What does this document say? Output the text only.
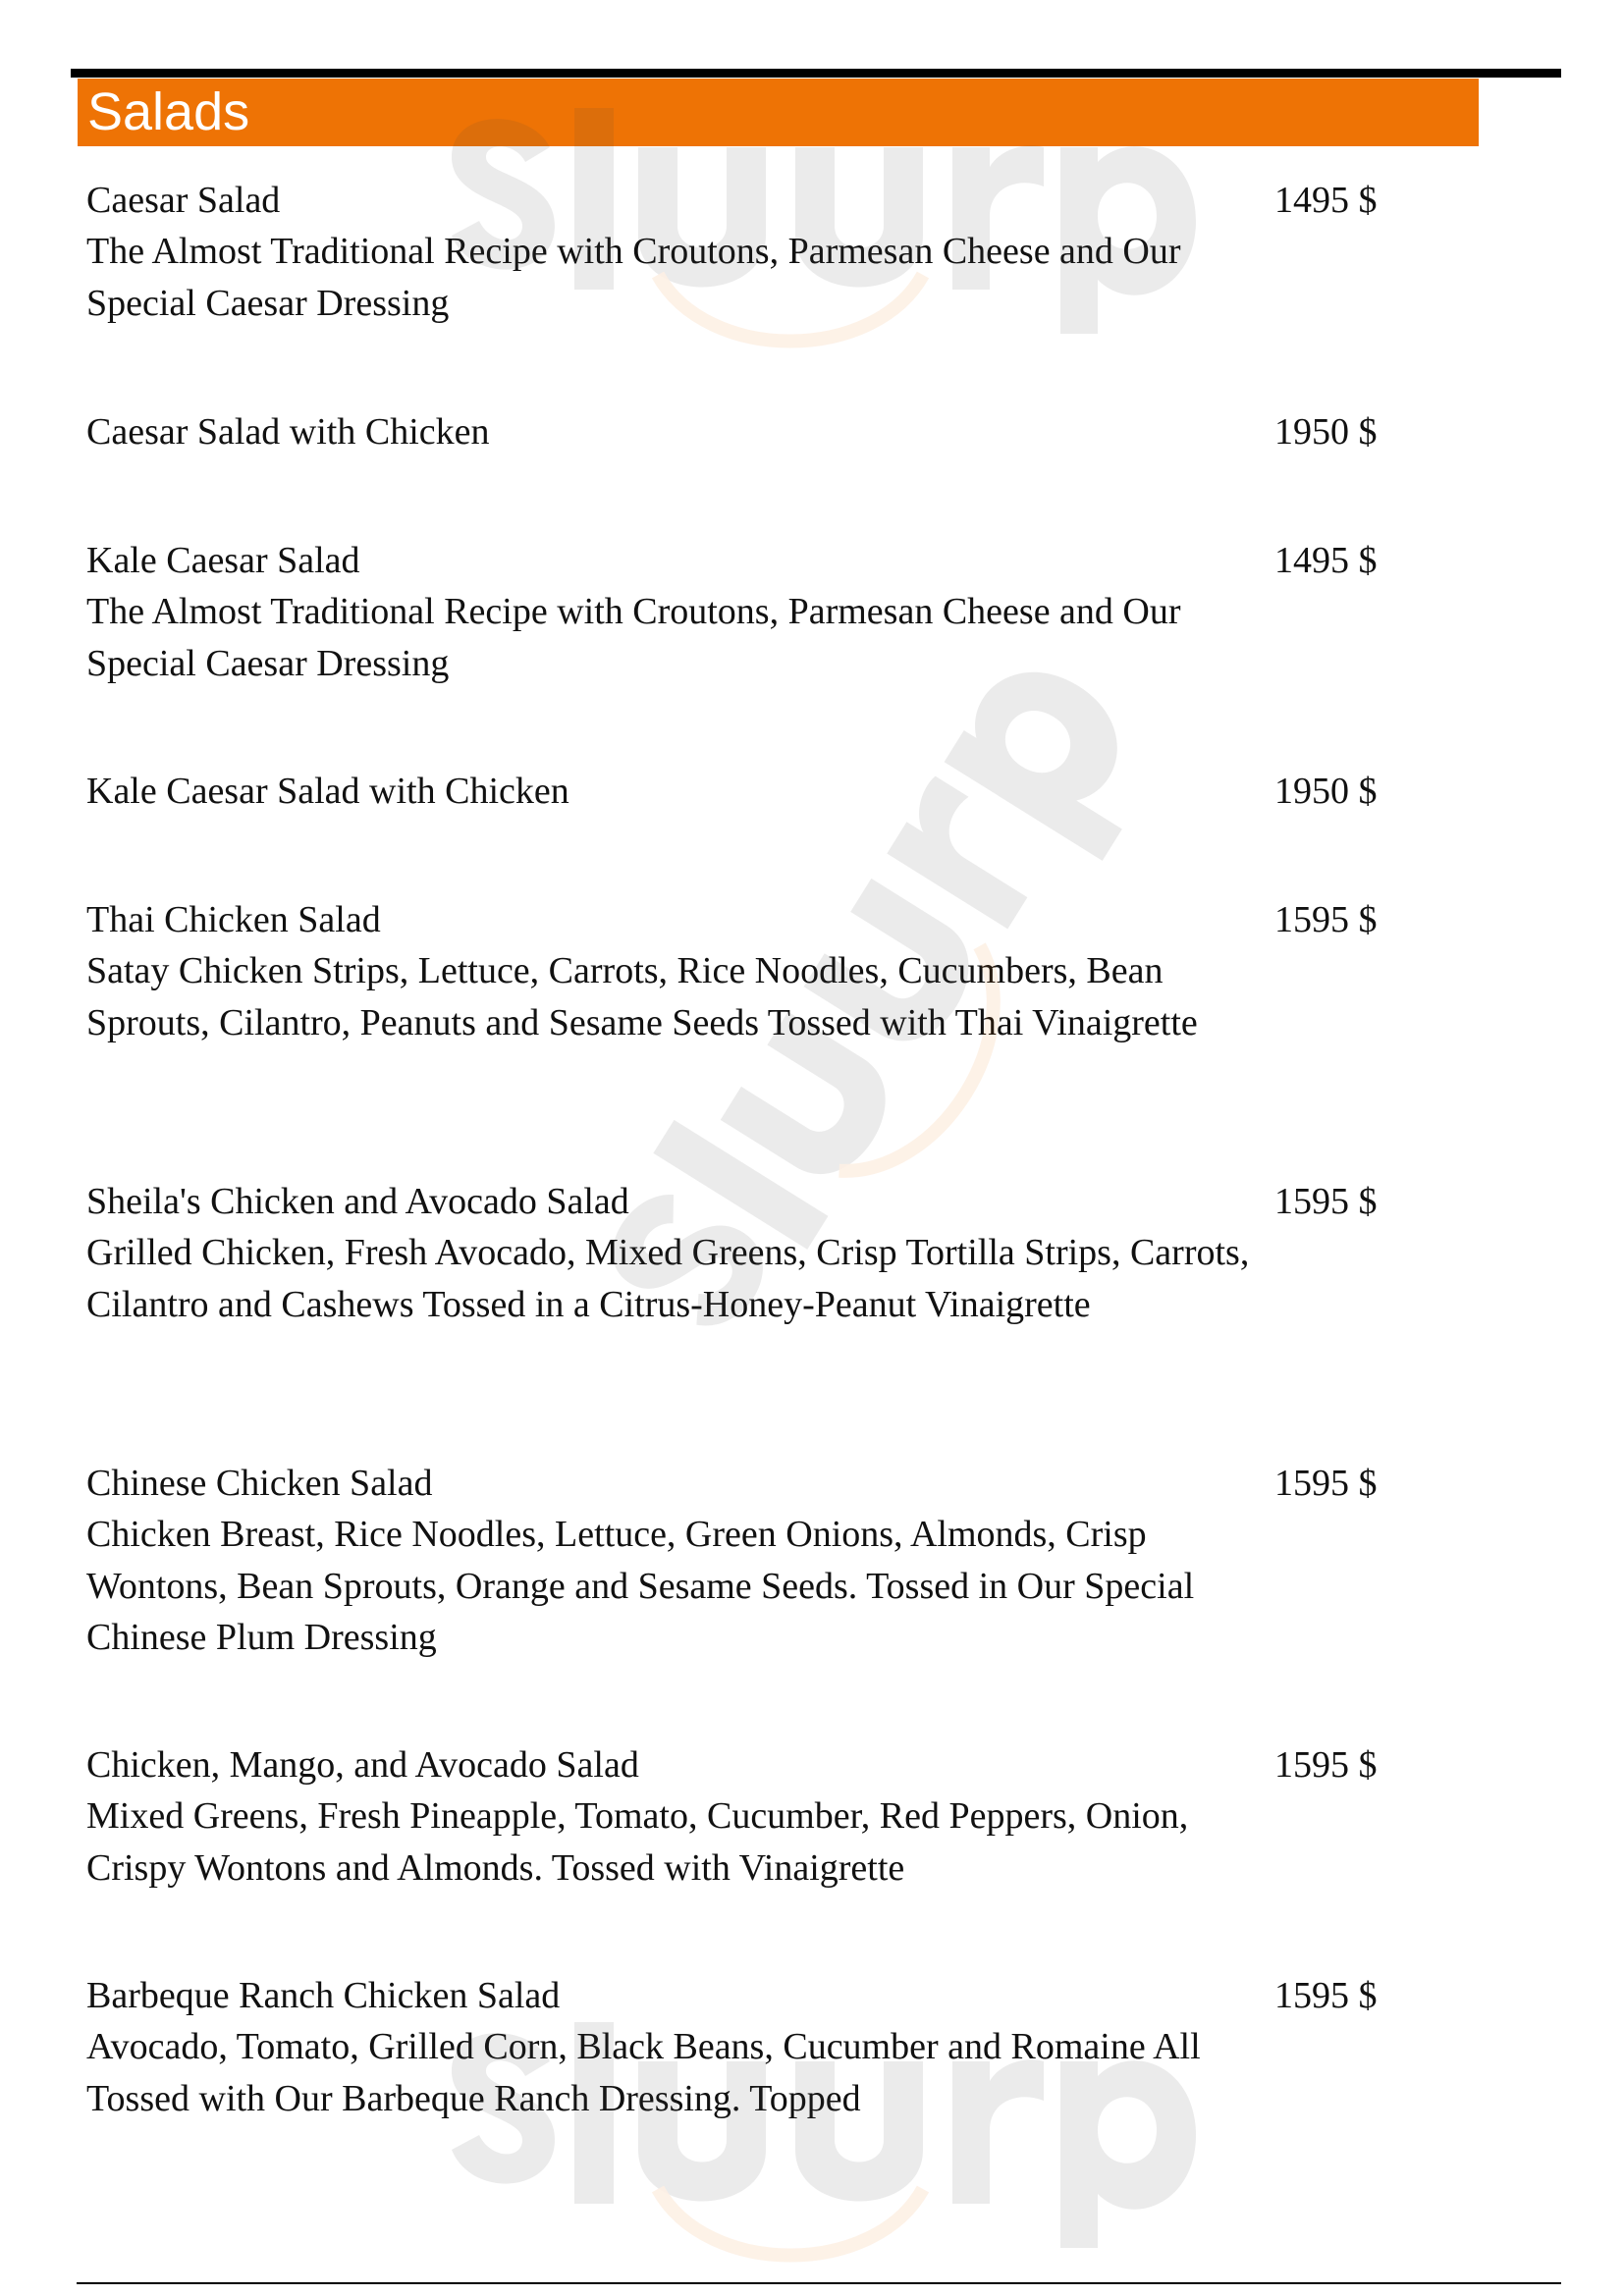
Salads
Caesar Salad
The Almost Traditional Recipe with Croutons, Parmesan Cheese and Our Special Caesar Dressing
1495 $
Caesar Salad with Chicken	1950 $
Kale Caesar Salad
The Almost Traditional Recipe with Croutons, Parmesan Cheese and Our Special Caesar Dressing
1495 $
Kale Caesar Salad with Chicken	1950 $
Thai Chicken Salad
Satay Chicken Strips, Lettuce, Carrots, Rice Noodles, Cucumbers, Bean Sprouts, Cilantro, Peanuts and Sesame Seeds Tossed with Thai Vinaigrette
1595 $
Sheila's Chicken and Avocado Salad
Grilled Chicken, Fresh Avocado, Mixed Greens, Crisp Tortilla Strips, Carrots, Cilantro and Cashews Tossed in a Citrus-Honey-Peanut Vinaigrette
1595 $
Chinese Chicken Salad
Chicken Breast, Rice Noodles, Lettuce, Green Onions, Almonds, Crisp Wontons, Bean Sprouts, Orange and Sesame Seeds. Tossed in Our Special Chinese Plum Dressing
1595 $
Chicken, Mango, and Avocado Salad
Mixed Greens, Fresh Pineapple, Tomato, Cucumber, Red Peppers, Onion, Crispy Wontons and Almonds. Tossed with Vinaigrette
1595 $
Barbeque Ranch Chicken Salad
Avocado, Tomato, Grilled Corn, Black Beans, Cucumber and Romaine All Tossed with Our Barbeque Ranch Dressing. Topped
1595 $
